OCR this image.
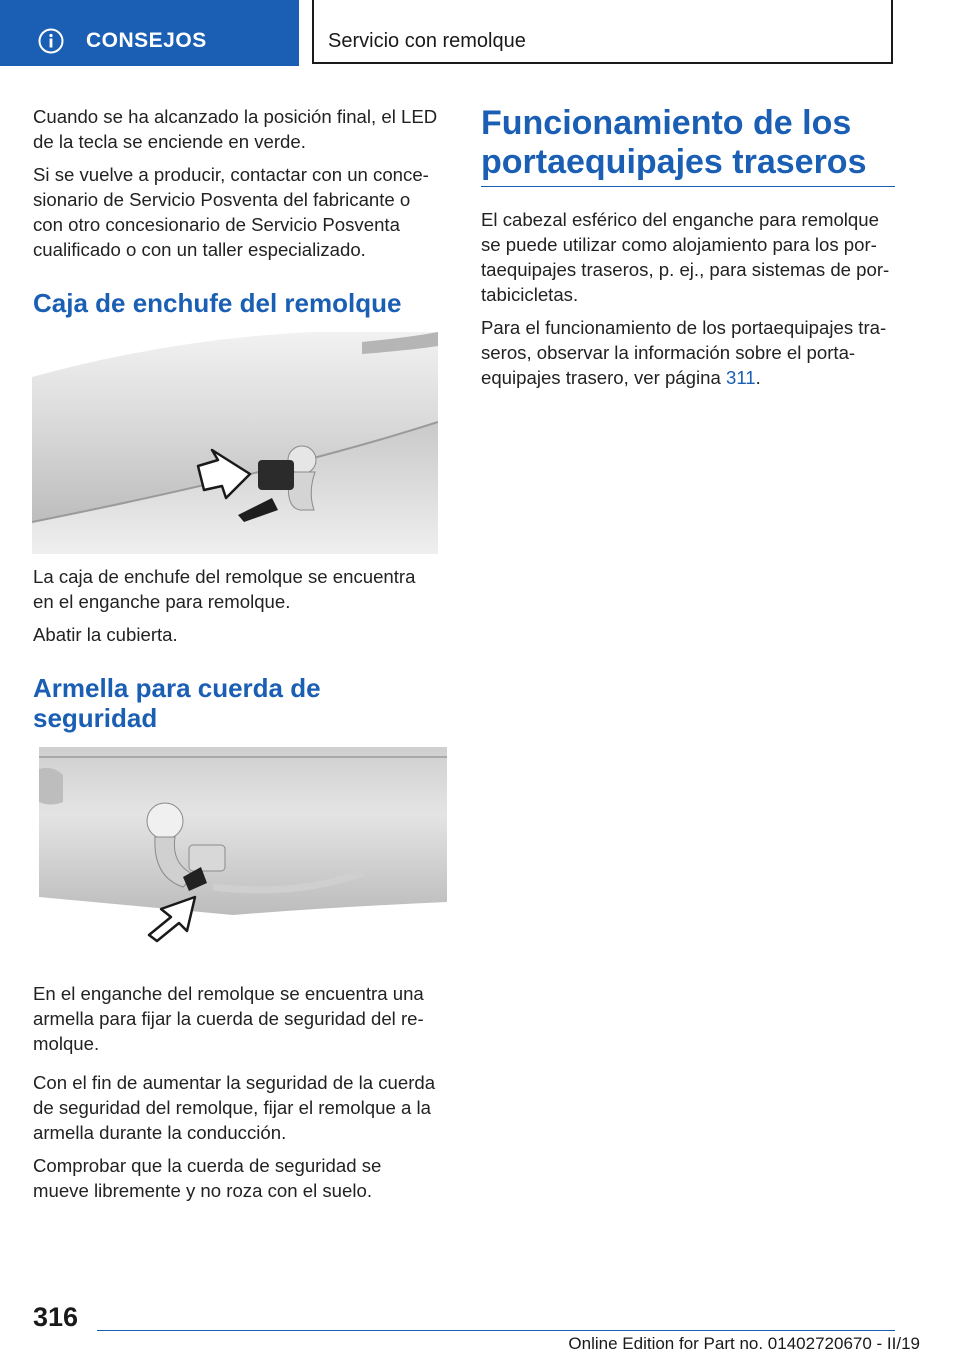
CONSEJOS	Servicio con remolque

Cuando se ha alcanzado la posición final, el LED de la tecla se enciende en verde.

Si se vuelve a producir, contactar con un conce‐sionario de Servicio Posventa del fabricante o con otro concesionario de Servicio Posventa cualificado o con un taller especializado.

Caja de enchufe del remolque

La caja de enchufe del remolque se encuentra en el enganche para remolque.

Abatir la cubierta.

Armella para cuerda de seguridad

En el enganche del remolque se encuentra una armella para fijar la cuerda de seguridad del re‐molque.

Con el fin de aumentar la seguridad de la cuerda de seguridad del remolque, fijar el remolque a la armella durante la conducción.

Comprobar que la cuerda de seguridad se mueve libremente y no roza con el suelo.

Funcionamiento de los portaequipajes traseros

El cabezal esférico del enganche para remolque se puede utilizar como alojamiento para los por‐taequipajes traseros, p. ej., para sistemas de por‐tabicicletas.

Para el funcionamiento de los portaequipajes tra‐seros, observar la información sobre el porta‐equipajes trasero, ver página 311.

316
Online Edition for Part no. 01402720670 - II/19
